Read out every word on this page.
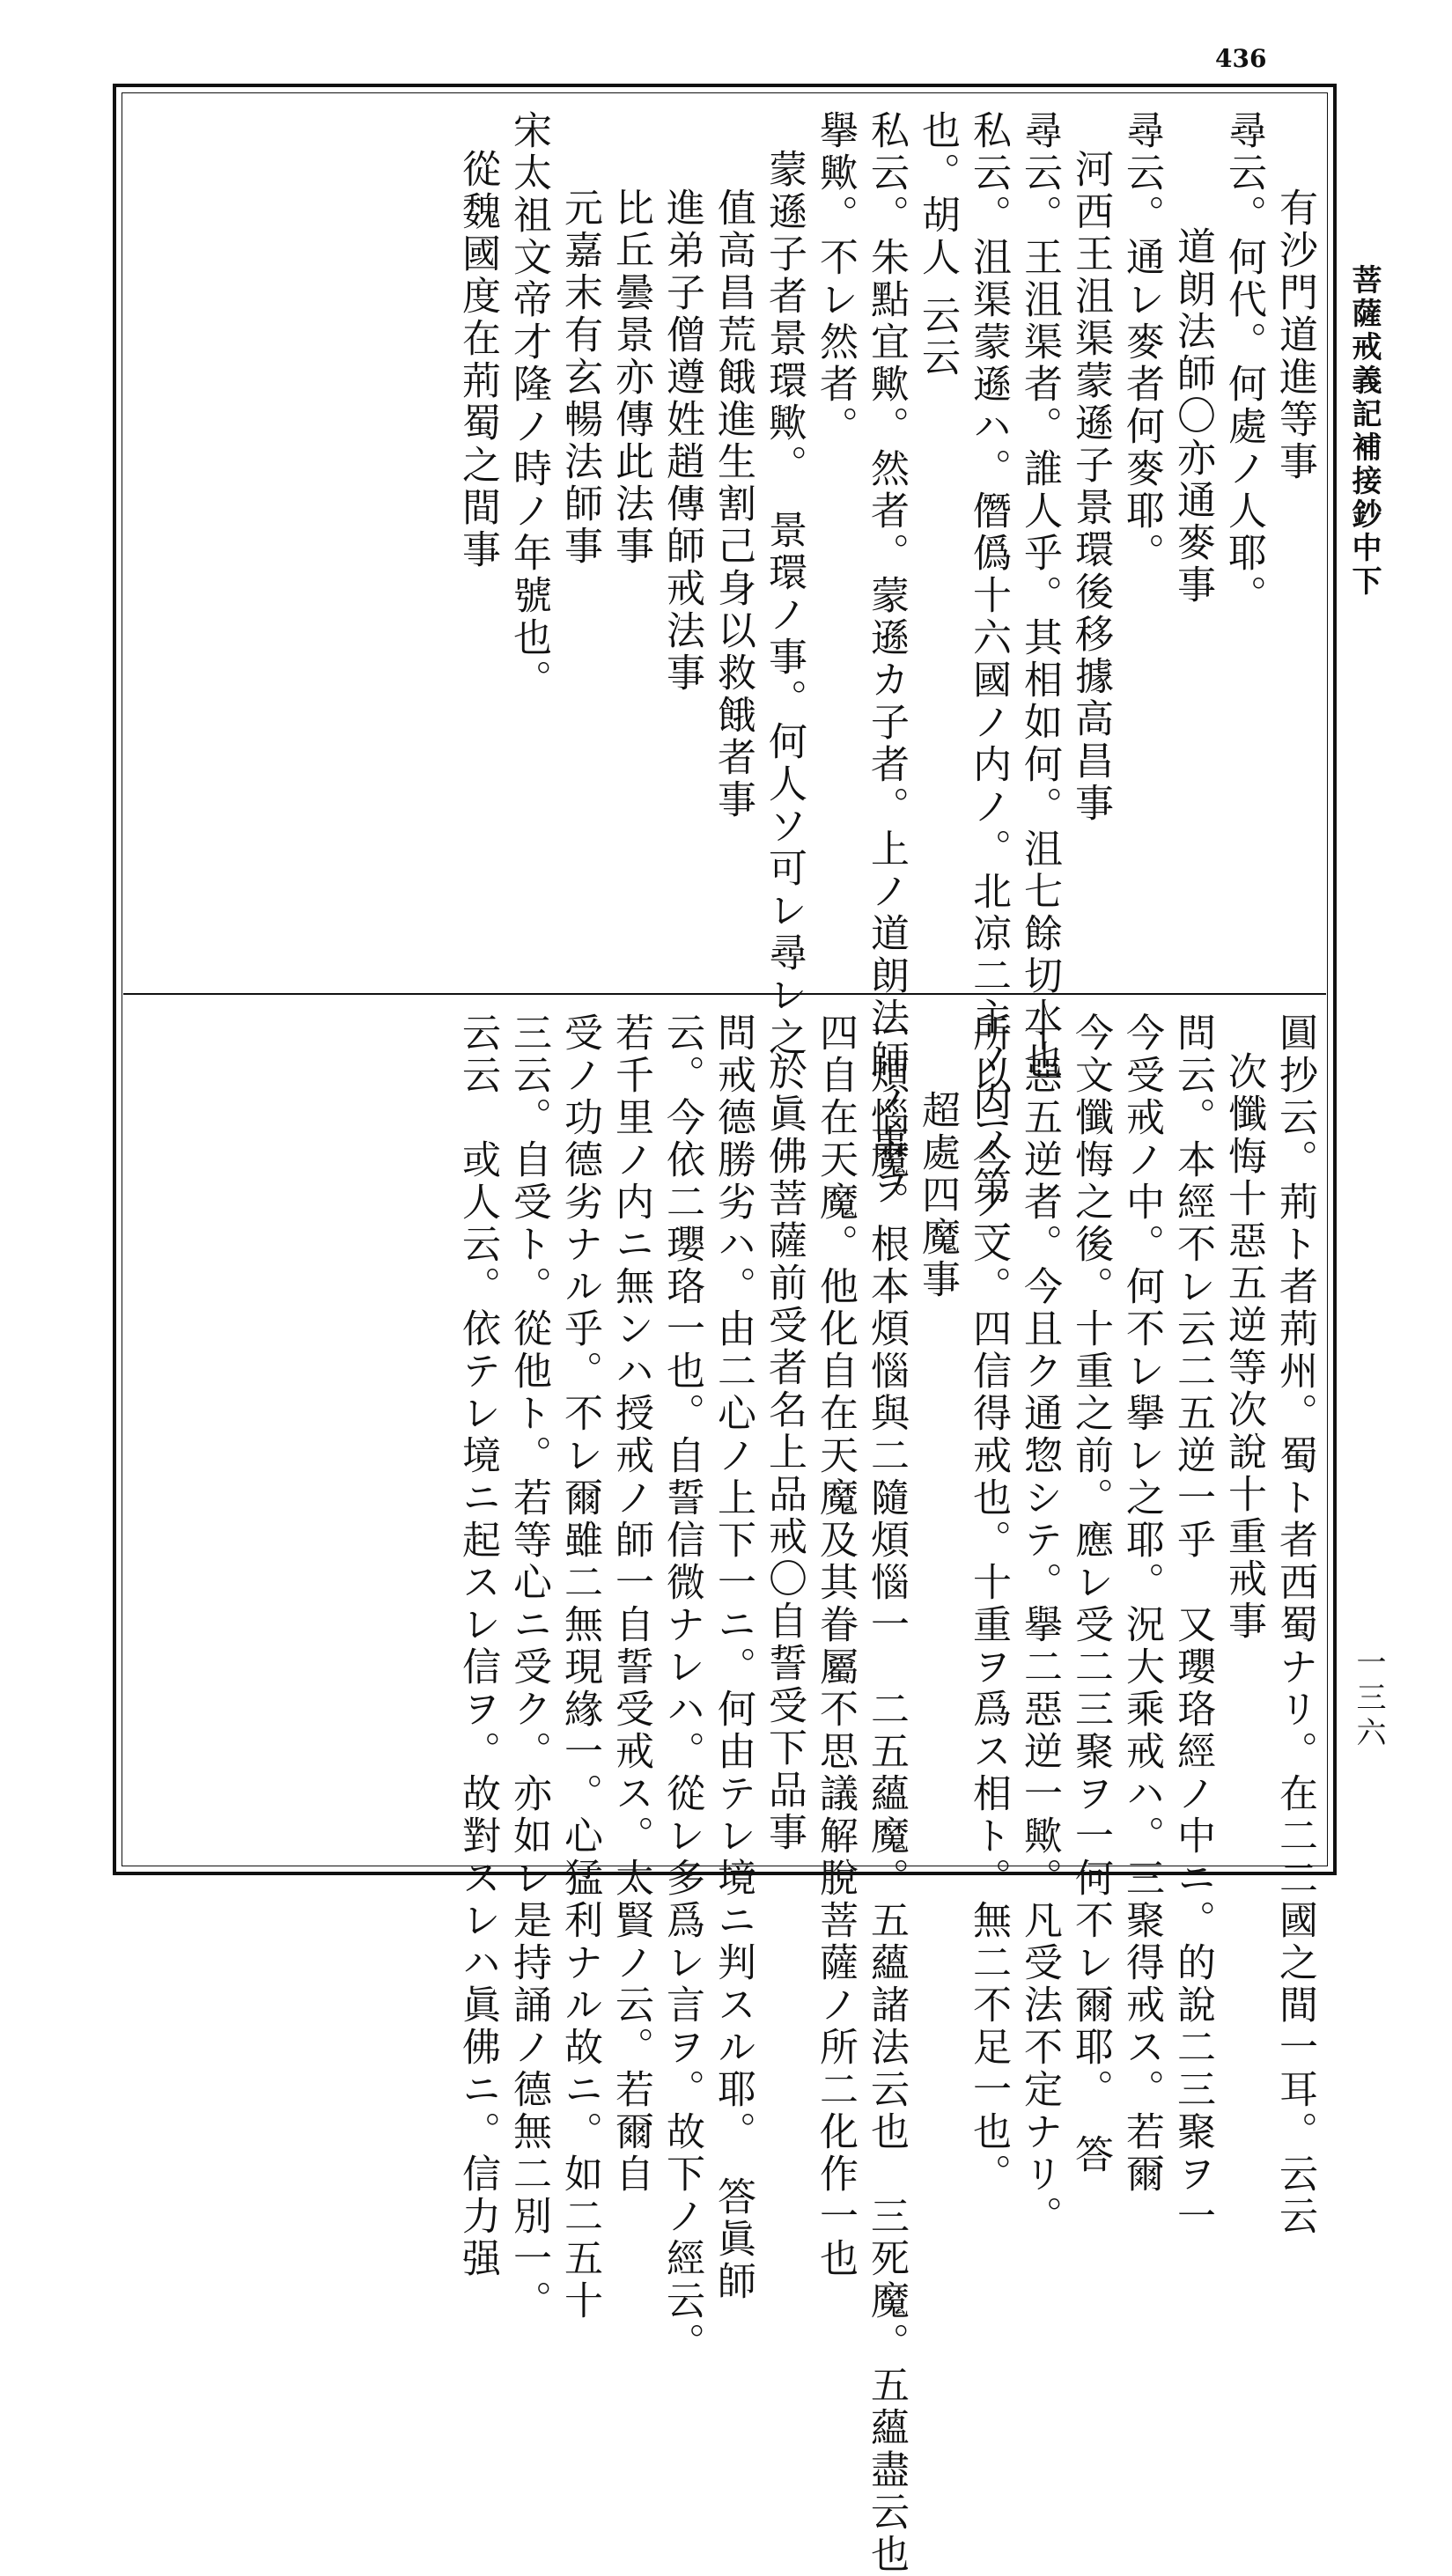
436
菩薩戒義記補接鈔中下
一三六
有沙門道進等事
尋云。何代。何處ノ人耶。
道朗法師〇亦通麥事
尋云。通レ麥者何麥耶。
河西王沮渠蒙遜子景環後移據高昌事
尋云。王沮渠者。誰人乎。其相如何。沮七餘切水也
私云。沮渠蒙遜ハ。僭僞十六國ノ内ノ。北凉二主ノ内ノ第一
也。胡人 云云
私云。朱點宜歟。然者。蒙遜カ子者。上ノ道朗法師ノ事ヲ
擧歟。不レ然者。
蒙遜子者景環歟。　景環ノ事。何人ソ可レ尋レ之
值高昌荒餓進生割己身以救餓者事
進弟子僧遵姓趙傳師戒法事
比丘曇景亦傳此法事
元嘉末有玄暢法師事
宋太祖文帝才隆ノ時ノ年號也。
從魏國度在荊蜀之間事
圓抄云。荊ト者荊州。蜀ト者西蜀ナリ。在二二國之間一耳。云云
次懺悔十惡五逆等次說十重戒事
問云。本經不レ云二五逆一乎　又瓔珞經ノ中ニ。的說二三聚ヲ一
今受戒ノ中。何不レ擧レ之耶。況大乘戒ハ。三聚得戒ス。若爾
今文懺悔之後。十重之前。應レ受二三聚ヲ一何不レ爾耶。　答
十惡五逆者。今且ク通惣シテ。擧二惡逆一歟。凡受法不定ナリ。
所以ニ今ノ文。四信得戒也。十重ヲ爲ス相ト。無二不足一也。
超處四魔事
一煩惱魔。根本煩惱與二隨煩惱一　二五蘊魔。五蘊諸法云也　三死魔。五蘊盡云也
四自在天魔。他化自在天魔及其眷屬不思議解脫菩薩ノ所二化作一也
於眞佛菩薩前受者名上品戒〇自誓受下品事
問戒德勝劣ハ。由二心ノ上下一ニ。何由テレ境ニ判スル耶。　答眞師
云。今依二瓔珞一也。自誓信微ナレハ。從レ多爲レ言ヲ。故下ノ經云。
若千里ノ内ニ無ンハ授戒ノ師一自誓受戒ス。太賢ノ云。若爾自
受ノ功德劣ナル乎。不レ爾雖二無現緣一。心猛利ナル故ニ。如二五十
三云。自受ト。從他ト。若等心ニ受ク。亦如レ是持誦ノ德無二別一。
云云　或人云。依テレ境ニ起スレ信ヲ。故對スレハ眞佛ニ。信力强
